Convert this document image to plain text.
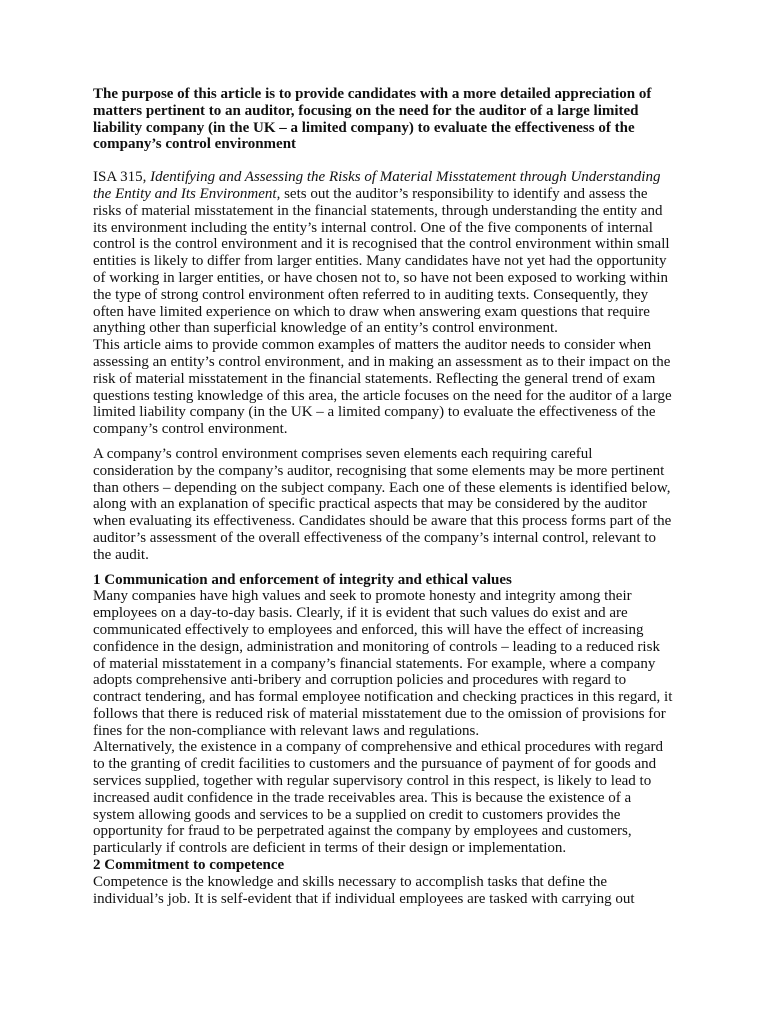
The purpose of this article is to provide candidates with a more detailed appreciation of matters pertinent to an auditor, focusing on the need for the auditor of a large limited liability company (in the UK – a limited company) to evaluate the effectiveness of the company’s control environment

ISA 315, Identifying and Assessing the Risks of Material Misstatement through Understanding the Entity and Its Environment, sets out the auditor’s responsibility to identify and assess the risks of material misstatement in the financial statements, through understanding the entity and its environment including the entity’s internal control. One of the five components of internal control is the control environment and it is recognised that the control environment within small entities is likely to differ from larger entities. Many candidates have not yet had the opportunity of working in larger entities, or have chosen not to, so have not been exposed to working within the type of strong control environment often referred to in auditing texts. Consequently, they often have limited experience on which to draw when answering exam questions that require anything other than superficial knowledge of an entity’s control environment.

This article aims to provide common examples of matters the auditor needs to consider when assessing an entity’s control environment, and in making an assessment as to their impact on the risk of material misstatement in the financial statements. Reflecting the general trend of exam questions testing knowledge of this area, the article focuses on the need for the auditor of a large limited liability company (in the UK – a limited company) to evaluate the effectiveness of the company’s control environment.

A company’s control environment comprises seven elements each requiring careful consideration by the company’s auditor, recognising that some elements may be more pertinent than others – depending on the subject company. Each one of these elements is identified below, along with an explanation of specific practical aspects that may be considered by the auditor when evaluating its effectiveness. Candidates should be aware that this process forms part of the auditor’s assessment of the overall effectiveness of the company’s internal control, relevant to the audit.

1 Communication and enforcement of integrity and ethical values

Many companies have high values and seek to promote honesty and integrity among their employees on a day-to-day basis. Clearly, if it is evident that such values do exist and are communicated effectively to employees and enforced, this will have the effect of increasing confidence in the design, administration and monitoring of controls – leading to a reduced risk of material misstatement in a company’s financial statements. For example, where a company adopts comprehensive anti-bribery and corruption policies and procedures with regard to contract tendering, and has formal employee notification and checking practices in this regard, it follows that there is reduced risk of material misstatement due to the omission of provisions for fines for the non-compliance with relevant laws and regulations.

Alternatively, the existence in a company of comprehensive and ethical procedures with regard to the granting of credit facilities to customers and the pursuance of payment of for goods and services supplied, together with regular supervisory control in this respect, is likely to lead to increased audit confidence in the trade receivables area. This is because the existence of a system allowing goods and services to be a supplied on credit to customers provides the opportunity for fraud to be perpetrated against the company by employees and customers, particularly if controls are deficient in terms of their design or implementation.

2 Commitment to competence

Competence is the knowledge and skills necessary to accomplish tasks that define the individual’s job. It is self-evident that if individual employees are tasked with carrying out
